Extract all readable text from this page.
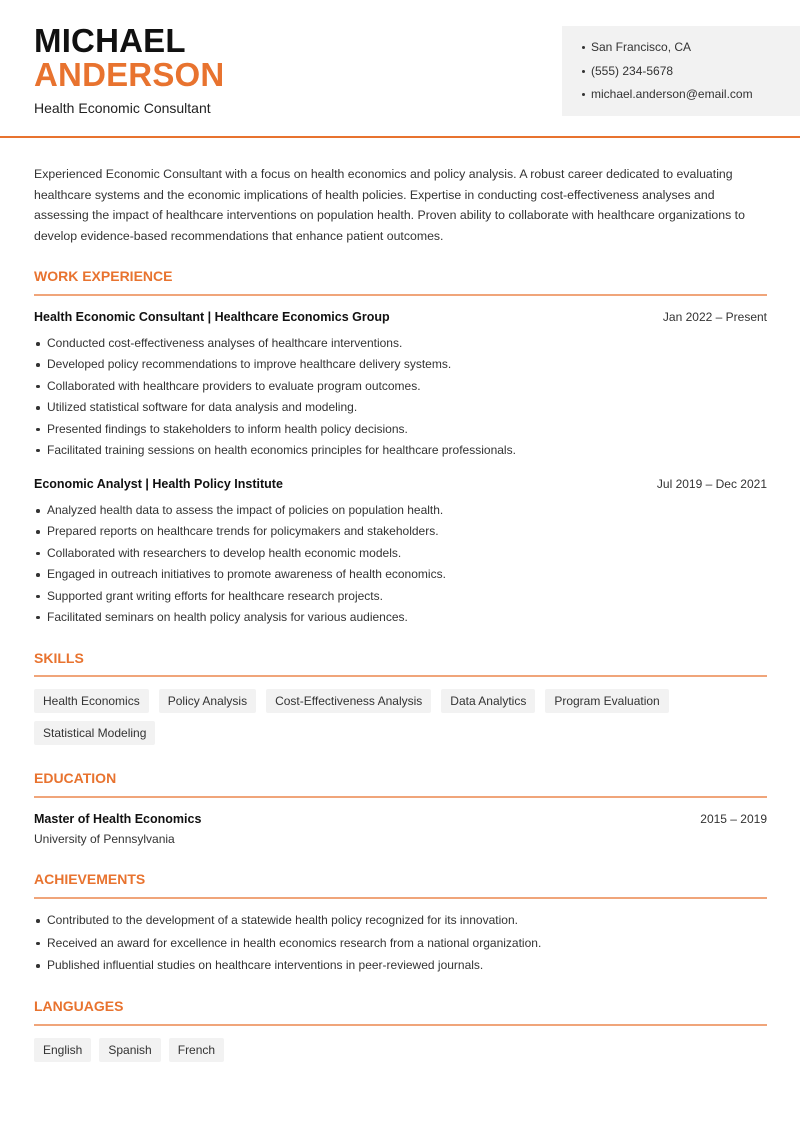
MICHAEL
ANDERSON
Health Economic Consultant
San Francisco, CA
(555) 234-5678
michael.anderson@email.com

Experienced Economic Consultant with a focus on health economics and policy analysis. A robust career dedicated to evaluating healthcare systems and the economic implications of health policies. Expertise in conducting cost-effectiveness analyses and assessing the impact of healthcare interventions on population health. Proven ability to collaborate with healthcare organizations to develop evidence-based recommendations that enhance patient outcomes.

WORK EXPERIENCE
Health Economic Consultant | Healthcare Economics Group	Jan 2022 – Present
Conducted cost-effectiveness analyses of healthcare interventions.
Developed policy recommendations to improve healthcare delivery systems.
Collaborated with healthcare providers to evaluate program outcomes.
Utilized statistical software for data analysis and modeling.
Presented findings to stakeholders to inform health policy decisions.
Facilitated training sessions on health economics principles for healthcare professionals.
Economic Analyst | Health Policy Institute	Jul 2019 – Dec 2021
Analyzed health data to assess the impact of policies on population health.
Prepared reports on healthcare trends for policymakers and stakeholders.
Collaborated with researchers to develop health economic models.
Engaged in outreach initiatives to promote awareness of health economics.
Supported grant writing efforts for healthcare research projects.
Facilitated seminars on health policy analysis for various audiences.
SKILLS
Health Economics	Policy Analysis	Cost-Effectiveness Analysis	Data Analytics	Program Evaluation
Statistical Modeling
EDUCATION
Master of Health Economics	2015 – 2019
University of Pennsylvania
ACHIEVEMENTS
Contributed to the development of a statewide health policy recognized for its innovation.
Received an award for excellence in health economics research from a national organization.
Published influential studies on healthcare interventions in peer-reviewed journals.
LANGUAGES
English	Spanish	French
